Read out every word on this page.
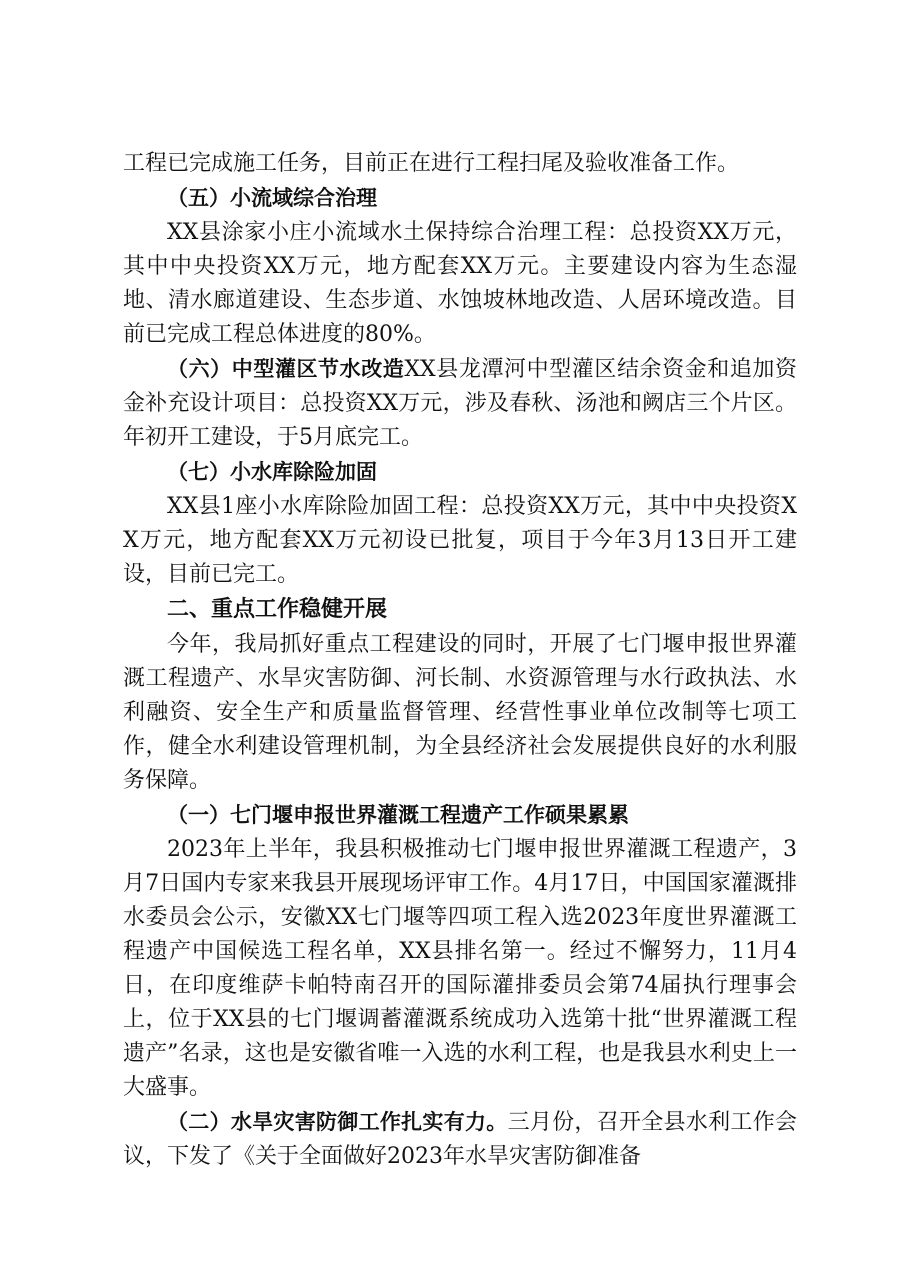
工程已完成施工任务，目前正在进行工程扫尾及验收准备工作。

（五）小流域综合治理

XX县涂家小庄小流域水土保持综合治理工程：总投资XX万元，其中中央投资XX万元，地方配套XX万元。主要建设内容为生态湿地、清水廊道建设、生态步道、水蚀坡林地改造、人居环境改造。目前已完成工程总体进度的80%。

（六）中型灌区节水改造XX县龙潭河中型灌区结余资金和追加资金补充设计项目：总投资XX万元，涉及春秋、汤池和阙店三个片区。年初开工建设，于5月底完工。

（七）小水库除险加固

XX县1座小水库除险加固工程：总投资XX万元，其中中央投资XX万元，地方配套XX万元初设已批复，项目于今年3月13日开工建设，目前已完工。

二、重点工作稳健开展

今年，我局抓好重点工程建设的同时，开展了七门堰申报世界灌溉工程遗产、水旱灾害防御、河长制、水资源管理与水行政执法、水利融资、安全生产和质量监督管理、经营性事业单位改制等七项工作，健全水利建设管理机制，为全县经济社会发展提供良好的水利服务保障。

（一）七门堰申报世界灌溉工程遗产工作硕果累累

2023年上半年，我县积极推动七门堰申报世界灌溉工程遗产，3月7日国内专家来我县开展现场评审工作。4月17日，中国国家灌溉排水委员会公示，安徽XX七门堰等四项工程入选2023年度世界灌溉工程遗产中国候选工程名单，XX县排名第一。经过不懈努力，11月4日，在印度维萨卡帕特南召开的国际灌排委员会第74届执行理事会上，位于XX县的七门堰调蓄灌溉系统成功入选第十批“世界灌溉工程遗产”名录，这也是安徽省唯一入选的水利工程，也是我县水利史上一大盛事。

（二）水旱灾害防御工作扎实有力。三月份，召开全县水利工作会议，下发了《关于全面做好2023年水旱灾害防御准备
